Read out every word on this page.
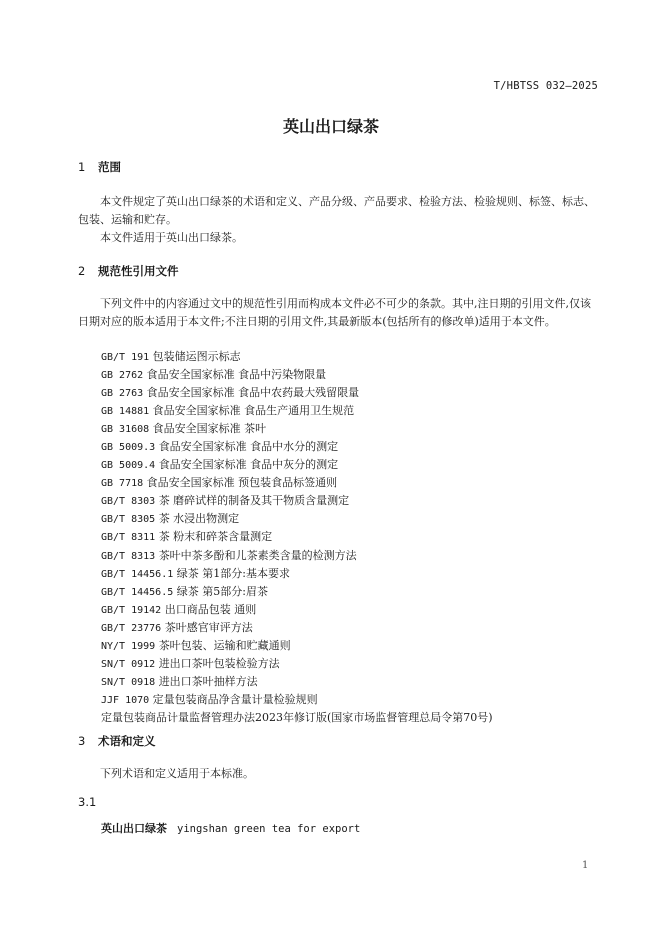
T/HBTSS 032—2025
英山出口绿茶
1 范围

本文件规定了英山出口绿茶的术语和定义、产品分级、产品要求、检验方法、检验规则、标签、标志、包装、运输和贮存。

本文件适用于英山出口绿茶。

2 规范性引用文件

下列文件中的内容通过文中的规范性引用而构成本文件必不可少的条款。其中,注日期的引用文件,仅该日期对应的版本适用于本文件;不注日期的引用文件,其最新版本(包括所有的修改单)适用于本文件。

GB/T 191 包装储运图示标志
GB 2762 食品安全国家标准 食品中污染物限量
GB 2763 食品安全国家标准 食品中农药最大残留限量
GB 14881 食品安全国家标准 食品生产通用卫生规范
GB 31608 食品安全国家标准 茶叶
GB 5009.3 食品安全国家标准 食品中水分的测定
GB 5009.4 食品安全国家标准 食品中灰分的测定
GB 7718 食品安全国家标准 预包装食品标签通则
GB/T 8303 茶 磨碎试样的制备及其干物质含量测定
GB/T 8305 茶 水浸出物测定
GB/T 8311 茶 粉末和碎茶含量测定
GB/T 8313 茶叶中茶多酚和儿茶素类含量的检测方法
GB/T 14456.1 绿茶 第1部分:基本要求
GB/T 14456.5 绿茶 第5部分:眉茶
GB/T 19142 出口商品包装 通则
GB/T 23776 茶叶感官审评方法
NY/T 1999 茶叶包装、运输和贮藏通则
SN/T 0912 进出口茶叶包装检验方法
SN/T 0918 进出口茶叶抽样方法
JJF 1070 定量包装商品净含量计量检验规则
定量包装商品计量监督管理办法2023年修订版(国家市场监督管理总局令第70号)
3 术语和定义

下列术语和定义适用于本标准。

3.1
英山出口绿茶 yingshan green tea for export
1
